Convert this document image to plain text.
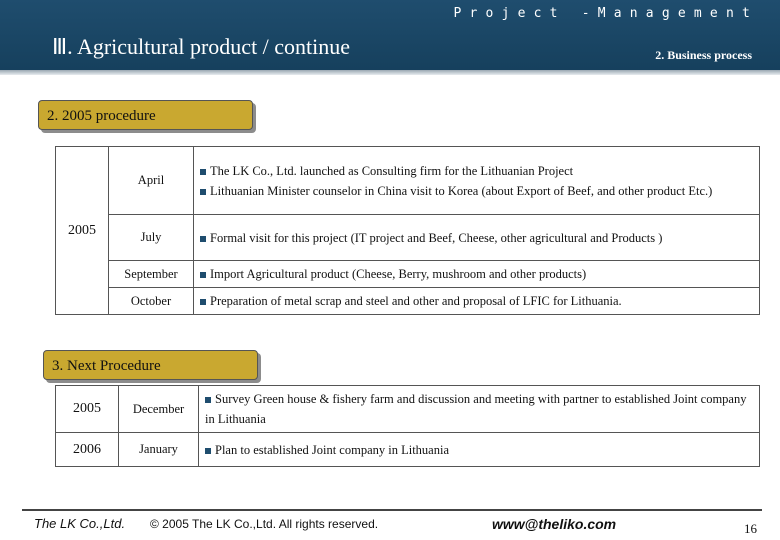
Project -Management
Ⅲ. Agricultural product / continue	2. Business process
2. 2005 procedure
2005	April	The LK Co., Ltd. launched as Consulting firm for the Lithuanian Project
Lithuanian Minister counselor in China visit to Korea (about Export of Beef, and other product Etc.)

	July	Formal visit for this project (IT project and Beef, Cheese, other agricultural and Products )

	September	Import Agricultural product (Cheese, Berry, mushroom and other products)

	October	Preparation of metal scrap and steel and other and proposal of LFIC for Lithuania.
3. Next Procedure
2005	December	Survey Green house & fishery farm and discussion and meeting with partner to established Joint company in Lithuania

2006	January	Plan to established Joint company in Lithuania
The LK Co.,Ltd. © 2005 The LK Co.,Ltd. All rights reserved.	www@theliko.com	16
